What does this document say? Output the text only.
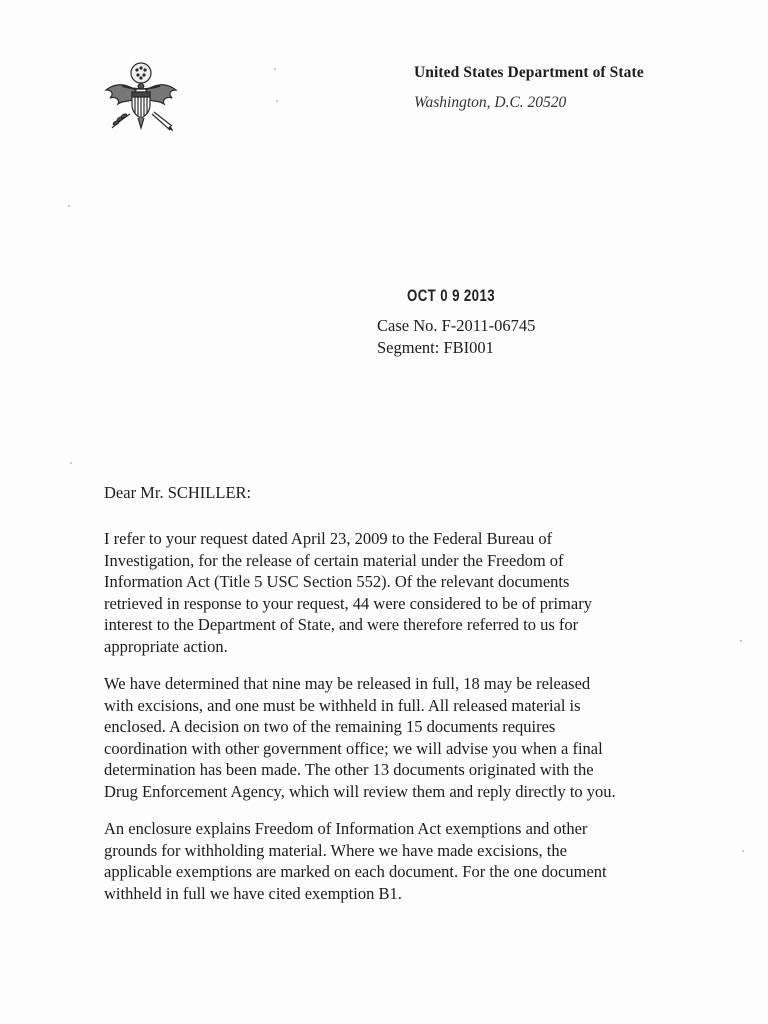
United States Department of State
Washington, D.C. 20520
OCT 0 9 2013
Case No. F-2011-06745
Segment: FBI001
Dear Mr. SCHILLER:
I refer to your request dated April 23, 2009 to the Federal Bureau of
Investigation, for the release of certain material under the Freedom of
Information Act (Title 5 USC Section 552). Of the relevant documents
retrieved in response to your request, 44 were considered to be of primary
interest to the Department of State, and were therefore referred to us for
appropriate action.
We have determined that nine may be released in full, 18 may be released
with excisions, and one must be withheld in full. All released material is
enclosed. A decision on two of the remaining 15 documents requires
coordination with other government office; we will advise you when a final
determination has been made. The other 13 documents originated with the
Drug Enforcement Agency, which will review them and reply directly to you.
An enclosure explains Freedom of Information Act exemptions and other
grounds for withholding material. Where we have made excisions, the
applicable exemptions are marked on each document. For the one document
withheld in full we have cited exemption B1.
